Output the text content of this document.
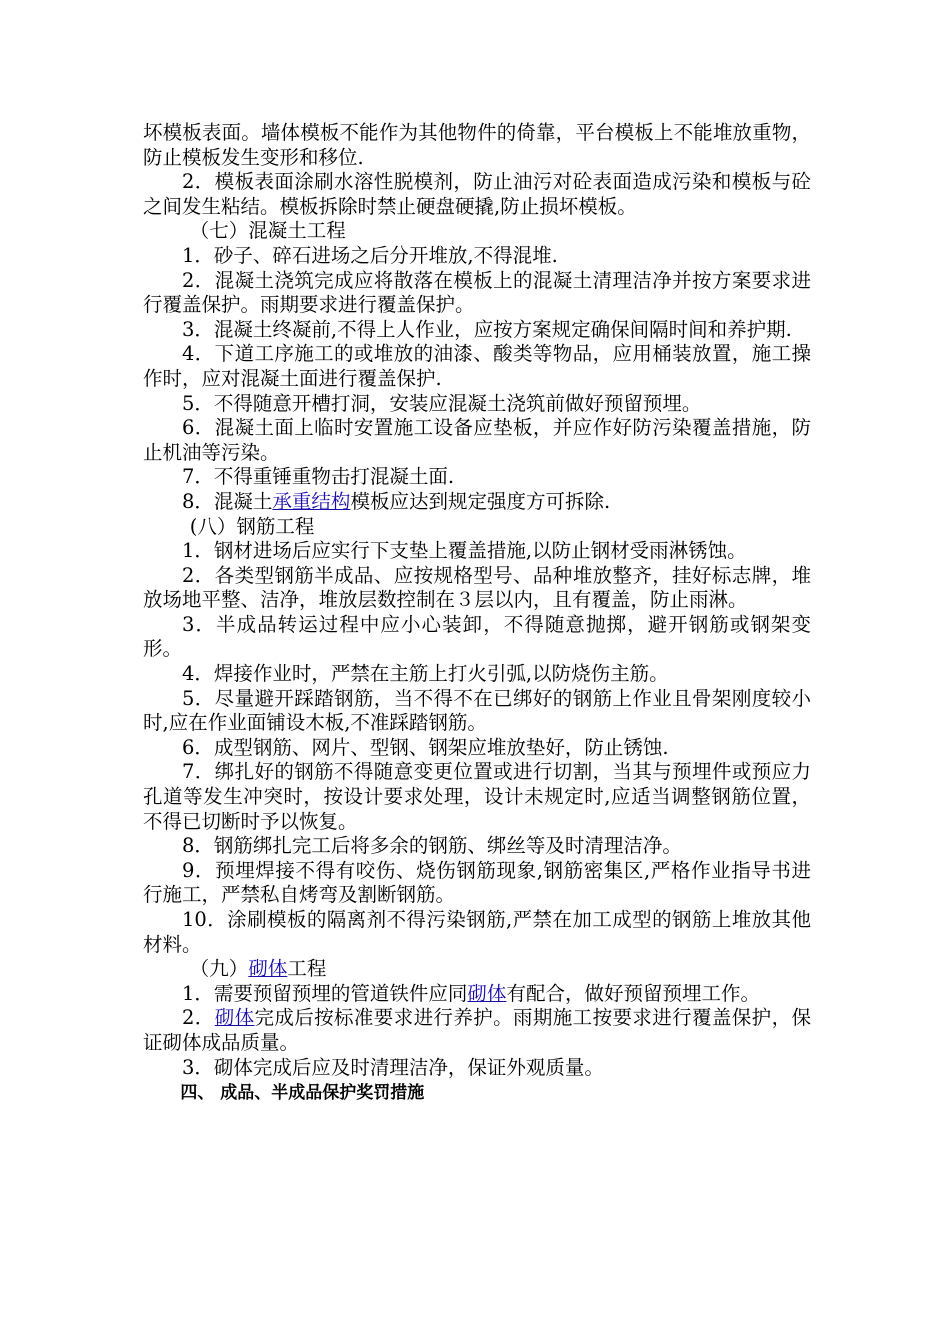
坏模板表面。墙体模板不能作为其他物件的倚靠，平台模板上不能堆放重物，防止模板发生变形和移位.

2．模板表面涂刷水溶性脱模剂，防止油污对砼表面造成污染和模板与砼之间发生粘结。模板拆除时禁止硬盘硬撬,防止损坏模板。

（七）混凝土工程

1．砂子、碎石进场之后分开堆放,不得混堆.

2．混凝土浇筑完成应将散落在模板上的混凝土清理洁净并按方案要求进行覆盖保护。雨期要求进行覆盖保护。

3．混凝土终凝前,不得上人作业，应按方案规定确保间隔时间和养护期.

4．下道工序施工的或堆放的油漆、酸类等物品，应用桶装放置，施工操作时，应对混凝土面进行覆盖保护.

5．不得随意开槽打洞，安装应混凝土浇筑前做好预留预埋。

6．混凝土面上临时安置施工设备应垫板，并应作好防污染覆盖措施，防止机油等污染。

7．不得重锤重物击打混凝土面.

8．混凝土承重结构模板应达到规定强度方可拆除.

(八）钢筋工程

1．钢材进场后应实行下支垫上覆盖措施,以防止钢材受雨淋锈蚀。

2．各类型钢筋半成品、应按规格型号、品种堆放整齐，挂好标志牌，堆放场地平整、洁净，堆放层数控制在３层以内，且有覆盖，防止雨淋。

3．半成品转运过程中应小心装卸，不得随意抛掷，避开钢筋或钢架变形。

4．焊接作业时，严禁在主筋上打火引弧,以防烧伤主筋。

5．尽量避开踩踏钢筋，当不得不在已绑好的钢筋上作业且骨架刚度较小时,应在作业面铺设木板,不准踩踏钢筋。

6．成型钢筋、网片、型钢、钢架应堆放垫好，防止锈蚀.

7．绑扎好的钢筋不得随意变更位置或进行切割，当其与预埋件或预应力孔道等发生冲突时，按设计要求处理，设计未规定时,应适当调整钢筋位置，不得已切断时予以恢复。

8．钢筋绑扎完工后将多余的钢筋、绑丝等及时清理洁净。

9．预埋焊接不得有咬伤、烧伤钢筋现象,钢筋密集区,严格作业指导书进行施工，严禁私自烤弯及割断钢筋。

10．涂刷模板的隔离剂不得污染钢筋,严禁在加工成型的钢筋上堆放其他材料。

（九）砌体工程

1．需要预留预埋的管道铁件应同砌体有配合，做好预留预埋工作。

2．砌体完成后按标准要求进行养护。雨期施工按要求进行覆盖保护，保证砌体成品质量。

3．砌体完成后应及时清理洁净，保证外观质量。

四、 成品、半成品保护奖罚措施
